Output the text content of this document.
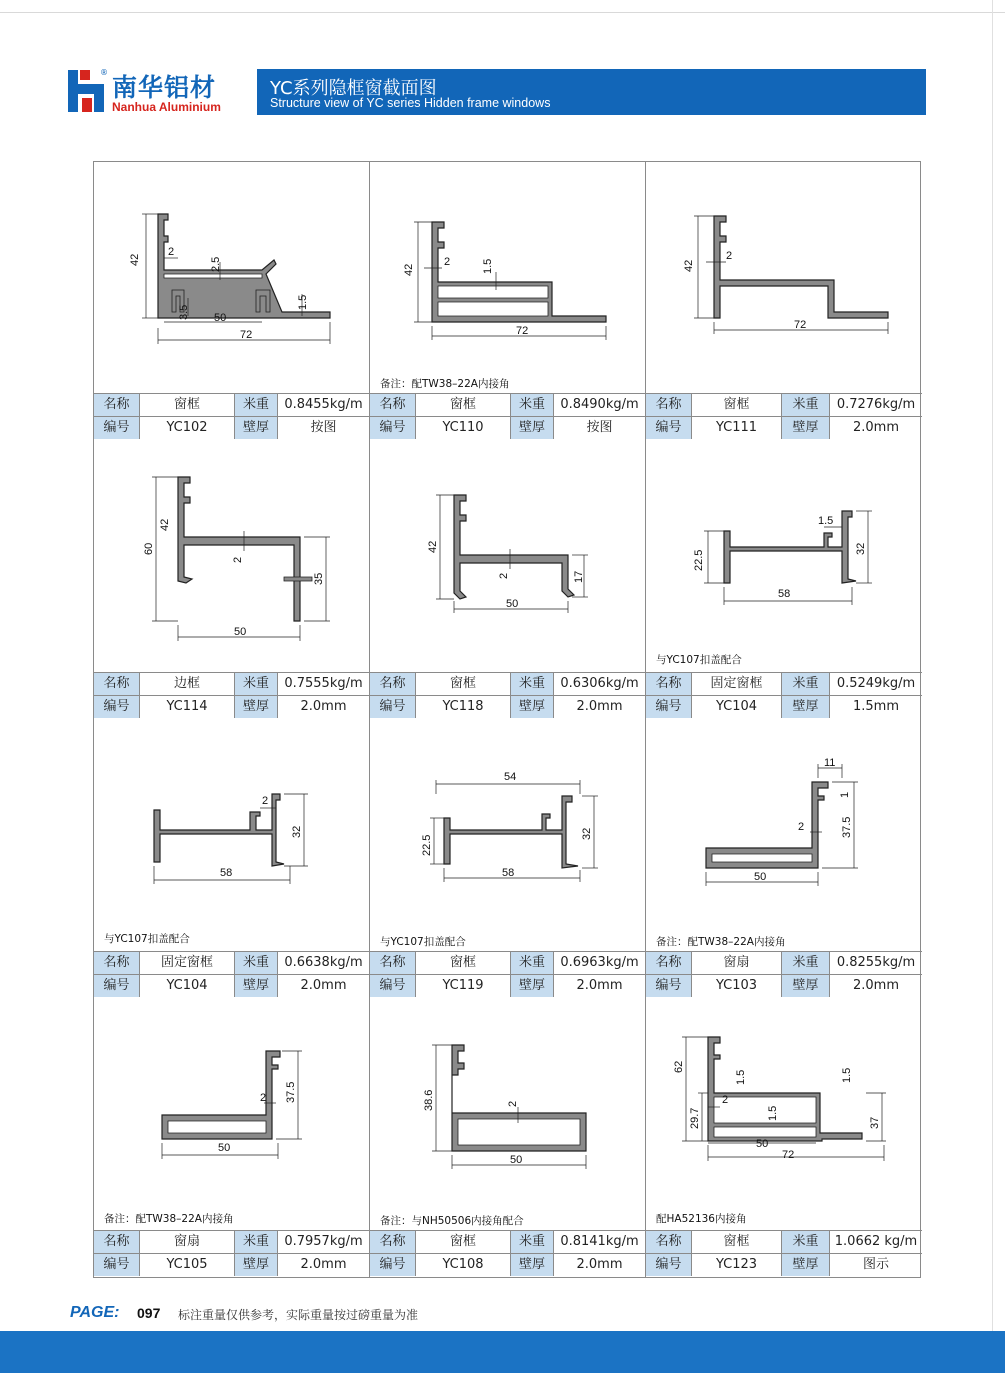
®
南华铝材
Nanhua Aluminium
YC系列隐框窗截面图
Structure view of YC series Hidden frame windows
42
2
2.5
1.5
3.5 50
72
名称	窗框	米重	0.8455kg/m
编号	YC102	壁厚	按图
42
2	1.5
72
备注：配TW38–22A内接角
名称	窗框	米重	0.8490kg/m
编号	YC110	壁厚	按图
42
2
72
名称	窗框	米重	0.7276kg/m
编号	YC111	壁厚	2.0mm
60
42
2
35
50
名称	边框	米重	0.7555kg/m
编号	YC114	壁厚	2.0mm
42
2	17
50
名称	窗框	米重	0.6306kg/m
编号	YC118	壁厚	2.0mm
22.5
1.5
32
58
与YC107扣盖配合
名称	固定窗框	米重	0.5249kg/m
编号	YC104	壁厚	1.5mm
2
32
58
与YC107扣盖配合
名称	固定窗框	米重	0.6638kg/m
编号	YC104	壁厚	2.0mm
54
22.5
32
58
与YC107扣盖配合
名称	窗框	米重	0.6963kg/m
编号	YC119	壁厚	2.0mm
11
1
2	37.5
50
备注：配TW38–22A内接角
名称	窗扇	米重	0.8255kg/m
编号	YC103	壁厚	2.0mm
2 37.5
50
备注：配TW38–22A内接角
名称	窗扇	米重	0.7957kg/m
编号	YC105	壁厚	2.0mm
38.6	2
50
备注：与NH50506内接角配合
名称	窗框	米重	0.8141kg/m
编号	YC108	壁厚	2.0mm
62
29.7
2
1.5
1.5
1.5
37
50
72
配HA52136内接角
名称	窗框	米重	1.0662 kg/m
编号	YC123	壁厚	图示
PAGE: 097 标注重量仅供参考，实际重量按过磅重量为准
